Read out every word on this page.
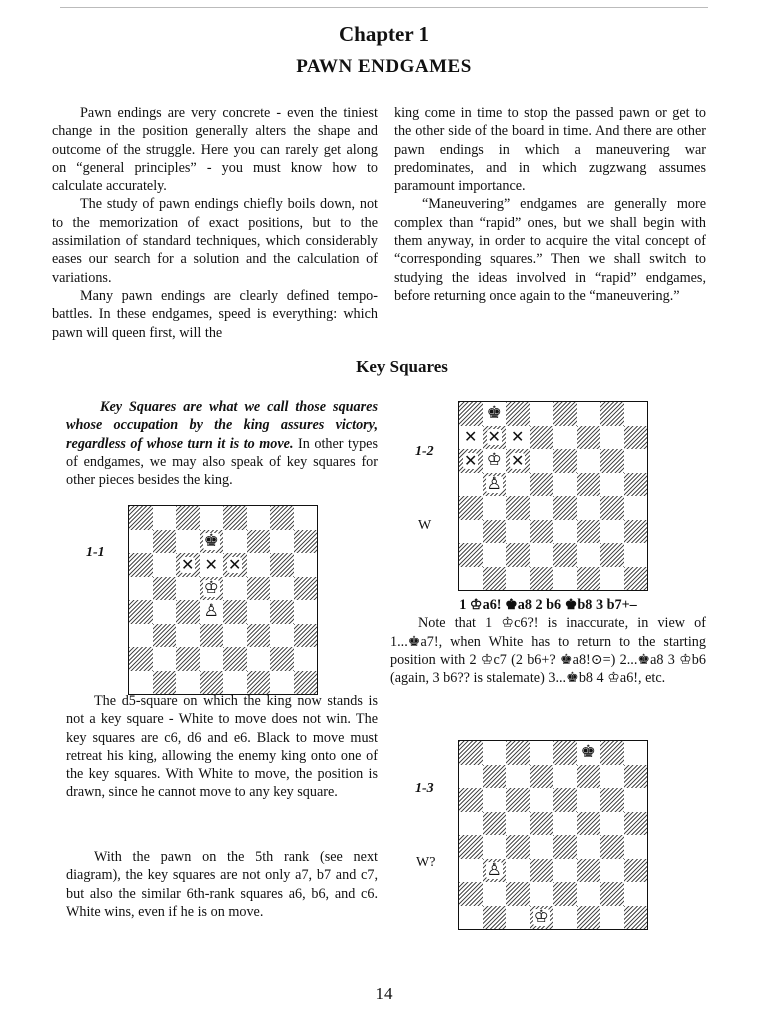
Chapter 1
PAWN ENDGAMES

Pawn endings are very concrete - even the tiniest change in the position generally alters the shape and outcome of the struggle. Here you can rarely get along on “general principles” - you must know how to calculate accurately.

The study of pawn endings chiefly boils down, not to the memorization of exact positions, but to the assimilation of standard techniques, which considerably eases our search for a solution and the calculation of variations.

Many pawn endings are clearly defined tempo-battles. In these endgames, speed is everything: which pawn will queen first, will the

king come in time to stop the passed pawn or get to the other side of the board in time. And there are other pawn endings in which a maneuvering war predominates, and in which zugzwang assumes paramount importance.

“Maneuvering” endgames are generally more complex than “rapid” ones, but we shall begin with them anyway, in order to acquire the vital concept of “corresponding squares.” Then we shall switch to studying the ideas involved in “rapid” endgames, before returning once again to the “maneuvering.”

Key Squares

Key Squares are what we call those squares whose occupation by the king assures victory, regardless of whose turn it is to move. In other types of endgames, we may also speak of key squares for other pieces besides the king.

1-1
♚
✕ ✕ ✕
♔
♙

The d5-square on which the king now stands is not a key square - White to move does not win. The key squares are c6, d6 and e6. Black to move must retreat his king, allowing the enemy king onto one of the key squares. With White to move, the position is drawn, since he cannot move to any key square.

With the pawn on the 5th rank (see next diagram), the key squares are not only a7, b7 and c7, but also the similar 6th-rank squares a6, b6, and c6. White wins, even if he is on move.

1-2
W
♚
✕ ✕ ✕
✕ ♔ ✕
♙

1 ♔a6! ♚a8 2 b6 ♚b8 3 b7+–

Note that 1 ♔c6?! is inaccurate, in view of 1...♚a7!, when White has to return to the starting position with 2 ♔c7 (2 b6+? ♚a8!⊙=) 2...♚a8 3 ♔b6 (again, 3 b6?? is stalemate) 3...♚b8 4 ♔a6!, etc.

1-3
W?
♚
♙
♔
14
